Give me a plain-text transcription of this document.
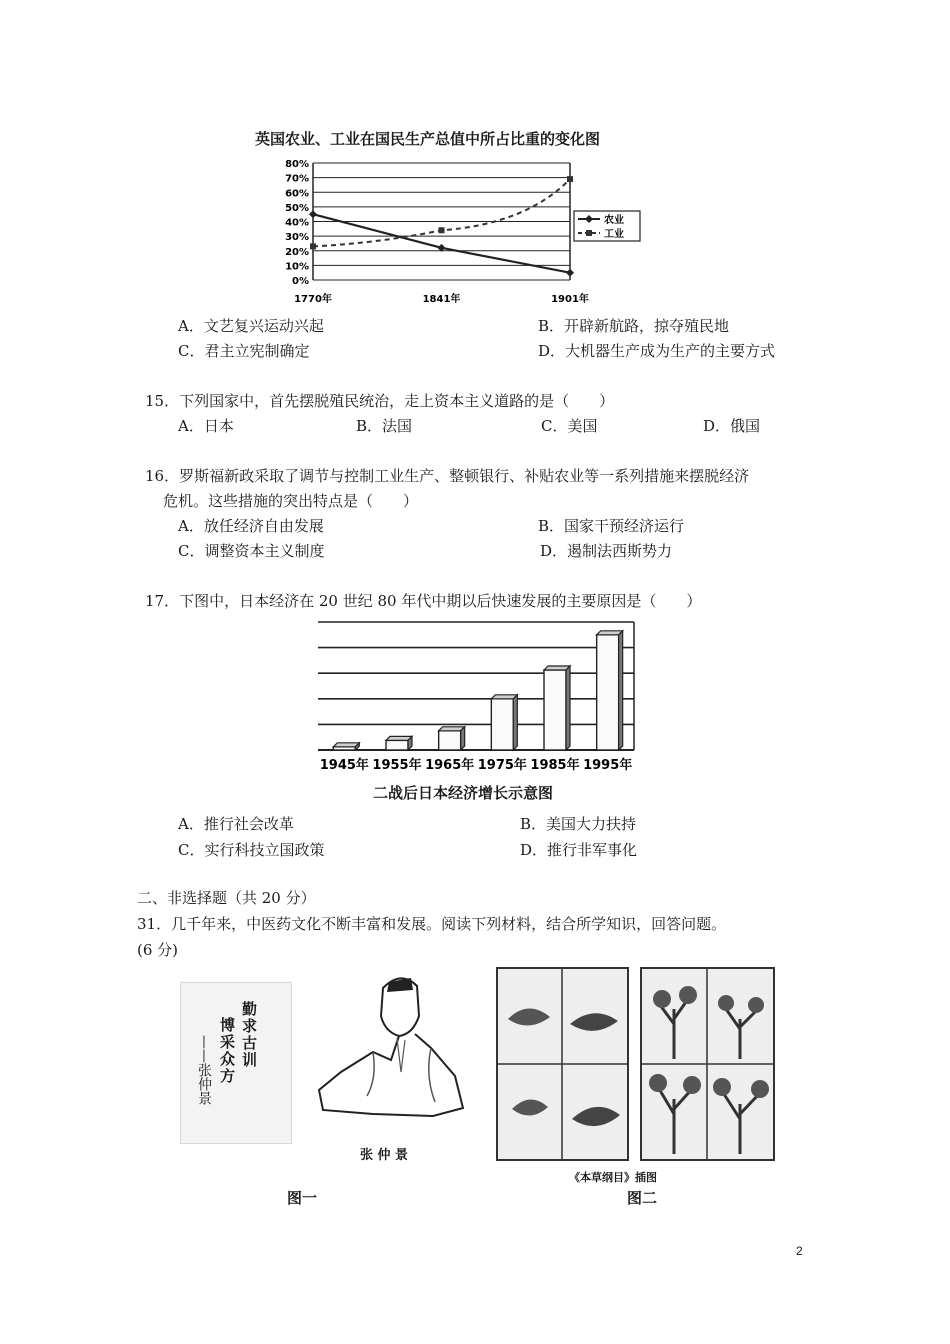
英国农业、工业在国民生产总值中所占比重的变化图
80%
70%
60%
50%
40%
30%
20%
10%
0%
1770年	1841年	1901年
农业
工业
A．文艺复兴运动兴起	B．开辟新航路，掠夺殖民地
C．君主立宪制确定	D．大机器生产成为生产的主要方式
15．下列国家中，首先摆脱殖民统治，走上资本主义道路的是（　　）
A．日本	B．法国	C．美国	D．俄国
16．罗斯福新政采取了调节与控制工业生产、整顿银行、补贴农业等一系列措施来摆脱经济
危机。这些措施的突出特点是（　　）
A．放任经济自由发展	B．国家干预经济运行
C．调整资本主义制度	D．遏制法西斯势力
17．下图中，日本经济在 20 世纪 80 年代中期以后快速发展的主要原因是（　　）
1945年 1955年 1965年 1975年 1985年 1995年
二战后日本经济增长示意图
A．推行社会改革	B．美国大力扶持
C．实行科技立国政策	D．推行非军事化
二、非选择题（共 20 分）
31．几千年来，中医药文化不断丰富和发展。阅读下列材料，结合所学知识，回答问题。
(6 分)
勤求古训
博采众方
——张仲景
张 仲 景
图一
《本草纲目》插图
图二
2
